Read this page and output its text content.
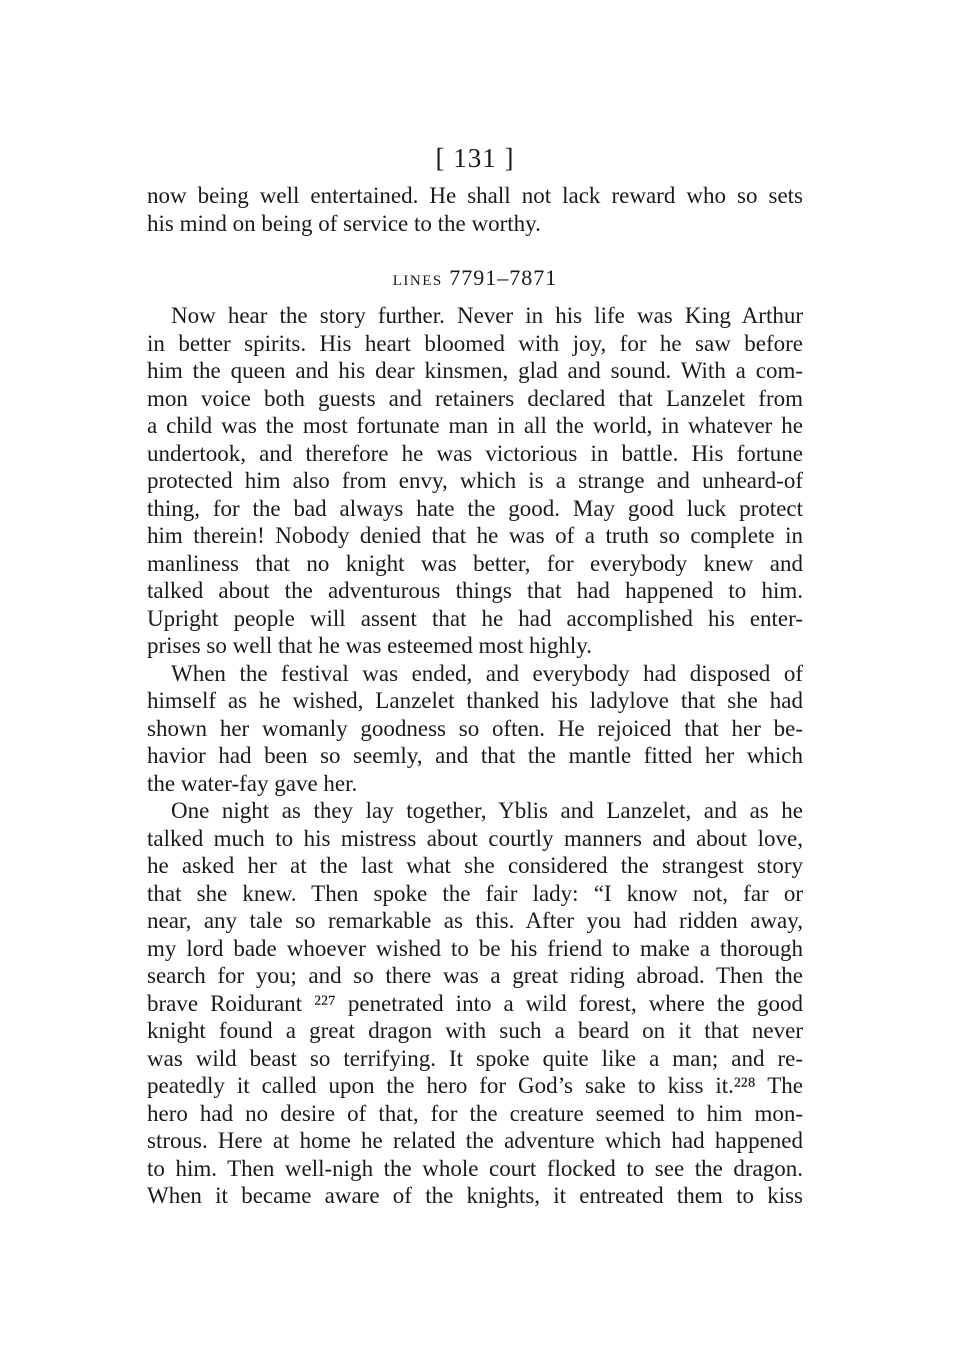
[ 131 ]
now being well entertained. He shall not lack reward who so sets
his mind on being of service to the worthy.
LINES 7791–7871
Now hear the story further. Never in his life was King Arthur
in better spirits. His heart bloomed with joy, for he saw before
him the queen and his dear kinsmen, glad and sound. With a com-
mon voice both guests and retainers declared that Lanzelet from
a child was the most fortunate man in all the world, in whatever he
undertook, and therefore he was victorious in battle. His fortune
protected him also from envy, which is a strange and unheard-of
thing, for the bad always hate the good. May good luck protect
him therein! Nobody denied that he was of a truth so complete in
manliness that no knight was better, for everybody knew and
talked about the adventurous things that had happened to him.
Upright people will assent that he had accomplished his enter-
prises so well that he was esteemed most highly.
When the festival was ended, and everybody had disposed of
himself as he wished, Lanzelet thanked his ladylove that she had
shown her womanly goodness so often. He rejoiced that her be-
havior had been so seemly, and that the mantle fitted her which
the water-fay gave her.
One night as they lay together, Yblis and Lanzelet, and as he
talked much to his mistress about courtly manners and about love,
he asked her at the last what she considered the strangest story
that she knew. Then spoke the fair lady: “I know not, far or
near, any tale so remarkable as this. After you had ridden away,
my lord bade whoever wished to be his friend to make a thorough
search for you; and so there was a great riding abroad. Then the
brave Roidurant ²²⁷ penetrated into a wild forest, where the good
knight found a great dragon with such a beard on it that never
was wild beast so terrifying. It spoke quite like a man; and re-
peatedly it called upon the hero for God’s sake to kiss it.²²⁸ The
hero had no desire of that, for the creature seemed to him mon-
strous. Here at home he related the adventure which had happened
to him. Then well-nigh the whole court flocked to see the dragon.
When it became aware of the knights, it entreated them to kiss
